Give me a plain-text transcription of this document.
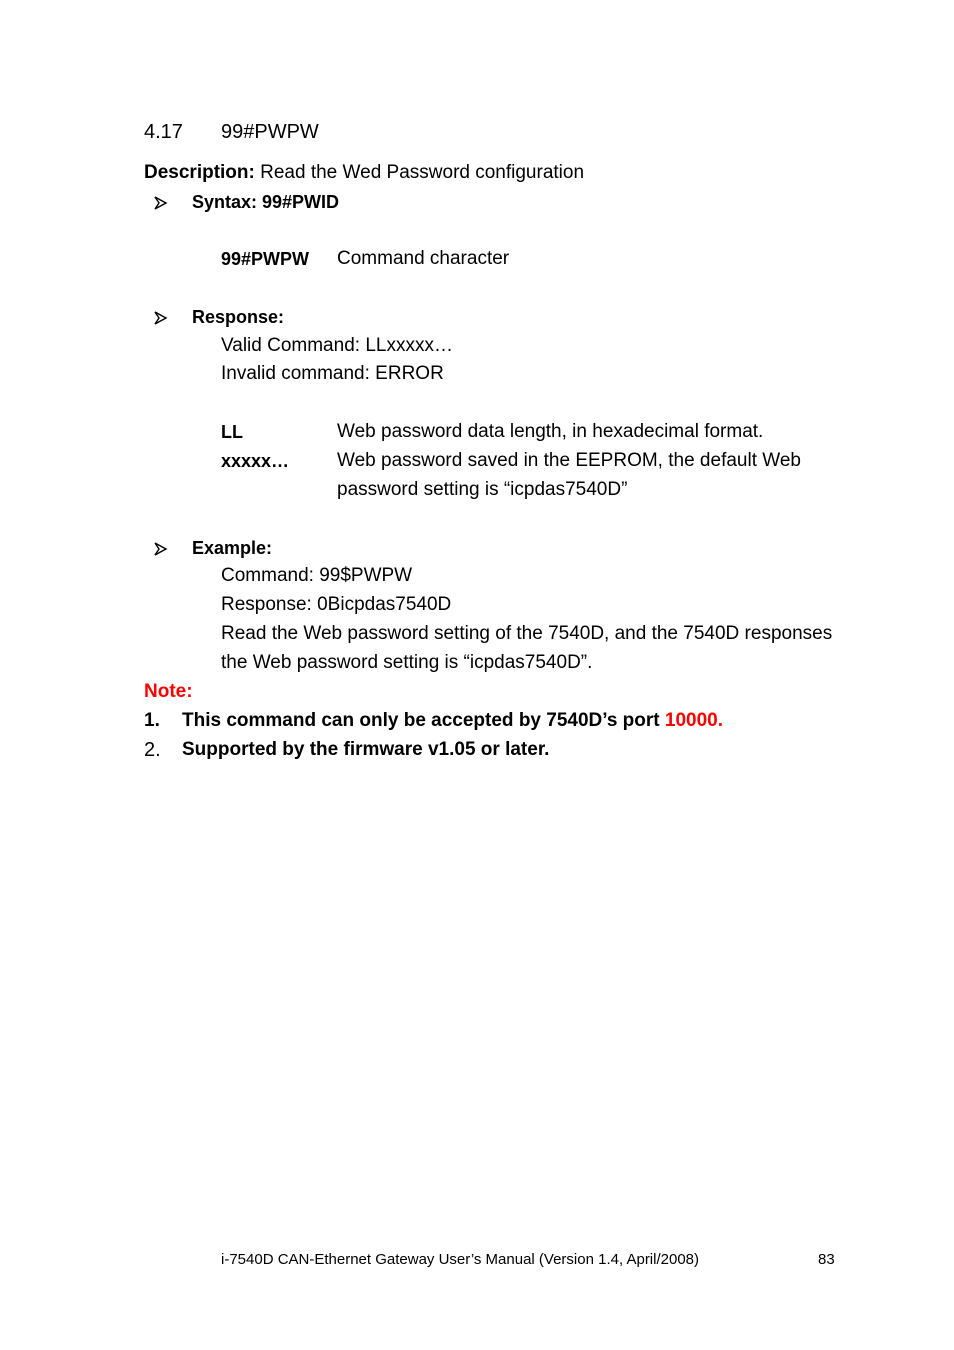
4.17 99#PWPW
Description: Read the Wed Password configuration
Syntax: 99#PWID
99#PWPW Command character
Response:
Valid Command: LLxxxxx…
Invalid command: ERROR
LL	Web password data length, in hexadecimal format.
xxxxx…	Web password saved in the EEPROM, the default Web
password setting is “icpdas7540D”
Example:
Command: 99$PWPW
Response: 0Bicpdas7540D
Read the Web password setting of the 7540D, and the 7540D responses
the Web password setting is “icpdas7540D”.
Note:
1. This command can only be accepted by 7540D’s port 10000.
2. Supported by the firmware v1.05 or later.
i-7540D CAN-Ethernet Gateway User’s Manual (Version 1.4, April/2008)	83
